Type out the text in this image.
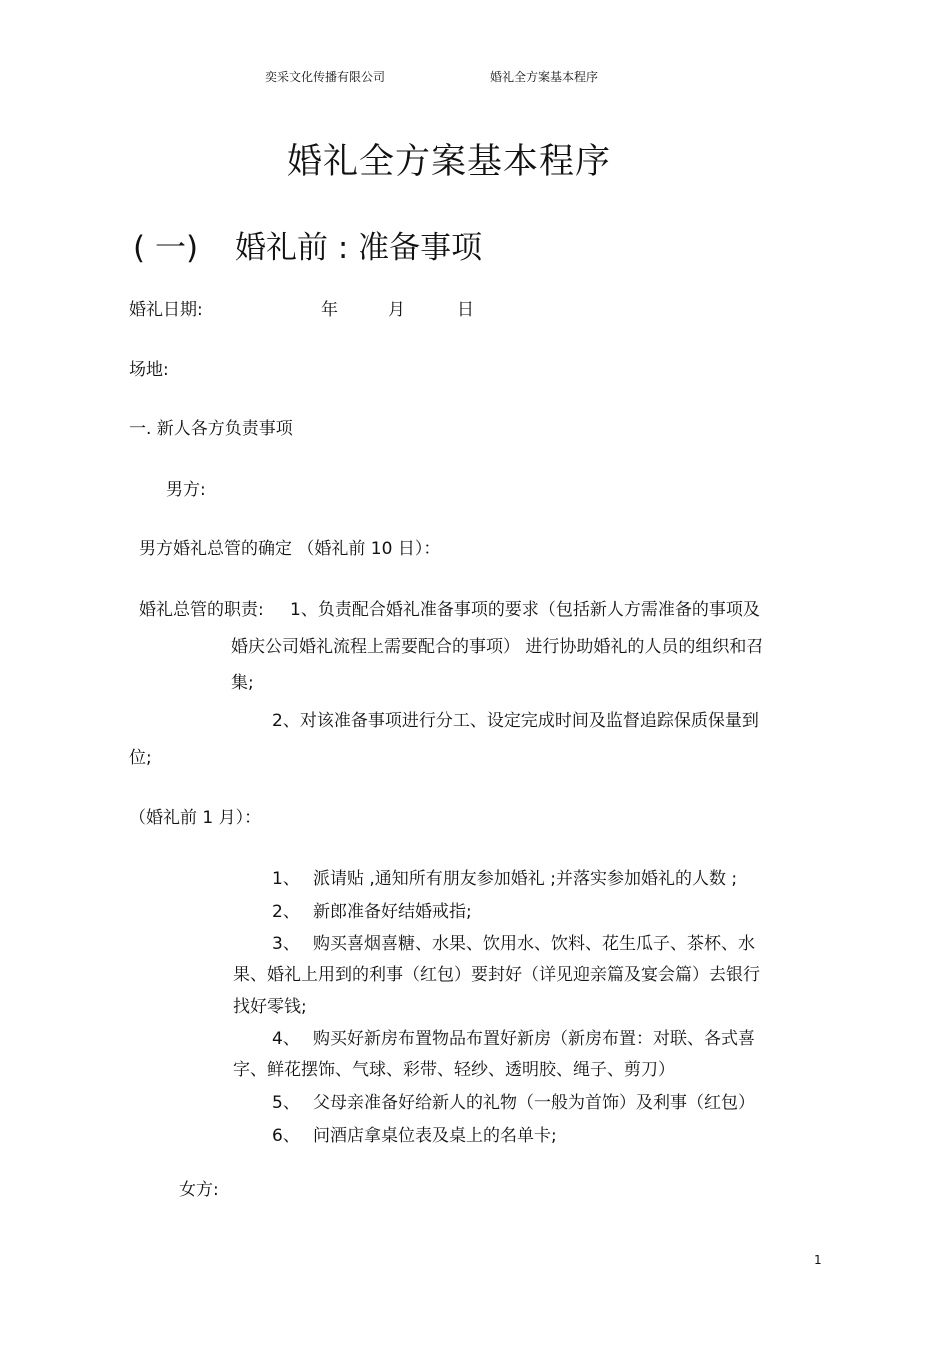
奕采文化传播有限公司	婚礼全方案基本程序
婚礼全方案基本程序
( 一) 婚礼前 : 准备事项
婚礼日期:	年	月	日
场地:
一. 新人各方负责事项
男方:
男方婚礼总管的确定 （婚礼前 10 日）：
婚礼总管的职责: 1、负责配合婚礼准备事项的要求（包括新人方需准备的事项及
婚庆公司婚礼流程上需要配合的事项） 进行协助婚礼的人员的组织和召
集;
2、对该准备事项进行分工、设定完成时间及监督追踪保质保量到
位;
（婚礼前 1 月）：
1、 派请贴 ,通知所有朋友参加婚礼 ;并落实参加婚礼的人数 ;
2、 新郎准备好结婚戒指;
3、 购买喜烟喜糖、水果、饮用水、饮料、花生瓜子、茶杯、水
果、婚礼上用到的利事（红包）要封好（详见迎亲篇及宴会篇）去银行
找好零钱;
4、 购买好新房布置物品布置好新房（新房布置：对联、各式喜
字、鲜花摆饰、气球、彩带、轻纱、透明胶、绳子、剪刀）
5、 父母亲准备好给新人的礼物（一般为首饰）及利事（红包）
6、 问酒店拿桌位表及桌上的名单卡;
女方:
1
